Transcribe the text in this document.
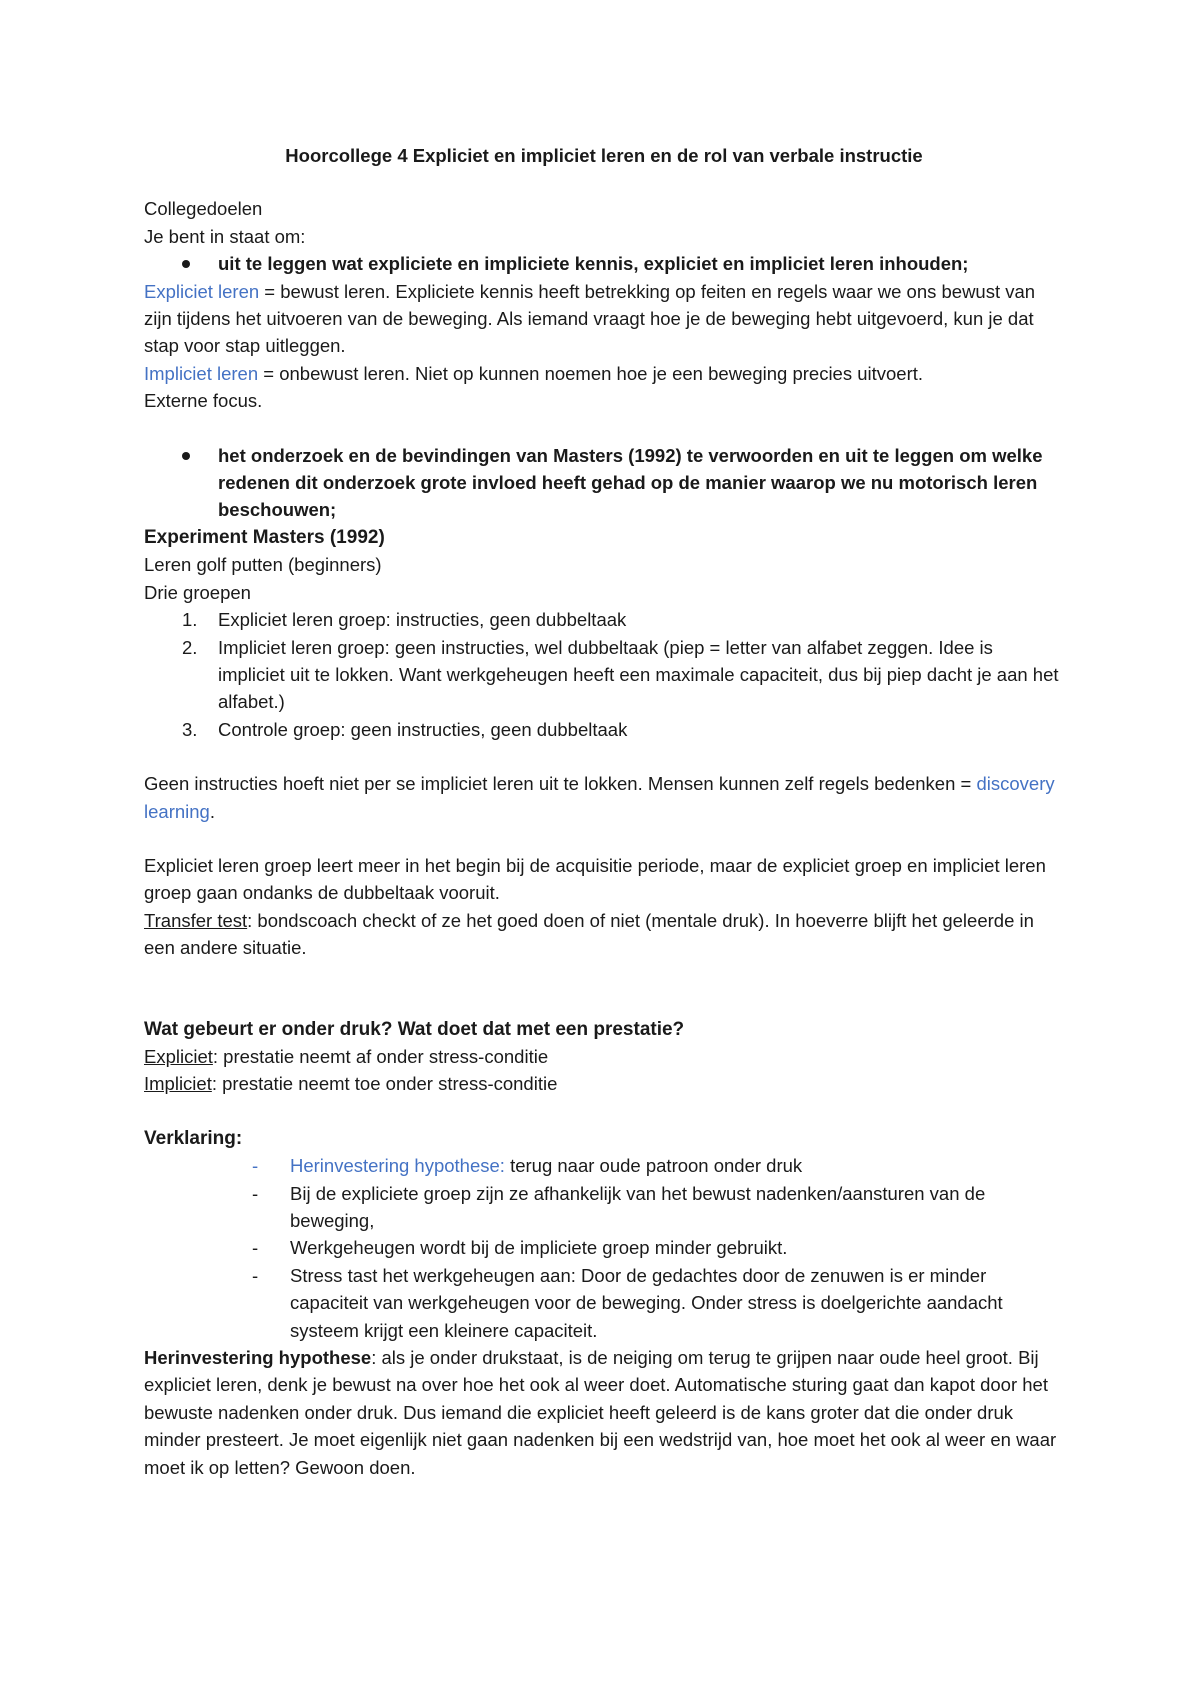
Hoorcollege 4 Expliciet en impliciet leren en de rol van verbale instructie

Collegedoelen

Je bent in staat om:

uit te leggen wat expliciete en impliciete kennis, expliciet en impliciet leren inhouden;

Expliciet leren = bewust leren. Expliciete kennis heeft betrekking op feiten en regels waar we ons bewust van zijn tijdens het uitvoeren van de beweging. Als iemand vraagt hoe je de beweging hebt uitgevoerd, kun je dat stap voor stap uitleggen.

Impliciet leren = onbewust leren. Niet op kunnen noemen hoe je een beweging precies uitvoert.

Externe focus.

het onderzoek en de bevindingen van Masters (1992) te verwoorden en uit te leggen om welke redenen dit onderzoek grote invloed heeft gehad op de manier waarop we nu motorisch leren beschouwen;

Experiment Masters (1992)

Leren golf putten (beginners)

Drie groepen

1. Expliciet leren groep: instructies, geen dubbeltaak
2. Impliciet leren groep: geen instructies, wel dubbeltaak (piep = letter van alfabet zeggen. Idee is impliciet uit te lokken. Want werkgeheugen heeft een maximale capaciteit, dus bij piep dacht je aan het alfabet.)
3. Controle groep: geen instructies, geen dubbeltaak

Geen instructies hoeft niet per se impliciet leren uit te lokken. Mensen kunnen zelf regels bedenken = discovery learning.

Expliciet leren groep leert meer in het begin bij de acquisitie periode, maar de expliciet groep en impliciet leren groep gaan ondanks de dubbeltaak vooruit.

Transfer test: bondscoach checkt of ze het goed doen of niet (mentale druk). In hoeverre blijft het geleerde in een andere situatie.

Wat gebeurt er onder druk? Wat doet dat met een prestatie?

Expliciet: prestatie neemt af onder stress-conditie

Impliciet: prestatie neemt toe onder stress-conditie

Verklaring:

- Herinvestering hypothese: terug naar oude patroon onder druk
- Bij de expliciete groep zijn ze afhankelijk van het bewust nadenken/aansturen van de beweging,
- Werkgeheugen wordt bij de impliciete groep minder gebruikt.
- Stress tast het werkgeheugen aan: Door de gedachtes door de zenuwen is er minder capaciteit van werkgeheugen voor de beweging. Onder stress is doelgerichte aandacht systeem krijgt een kleinere capaciteit.

Herinvestering hypothese: als je onder drukstaat, is de neiging om terug te grijpen naar oude heel groot. Bij expliciet leren, denk je bewust na over hoe het ook al weer doet. Automatische sturing gaat dan kapot door het bewuste nadenken onder druk. Dus iemand die expliciet heeft geleerd is de kans groter dat die onder druk minder presteert. Je moet eigenlijk niet gaan nadenken bij een wedstrijd van, hoe moet het ook al weer en waar moet ik op letten? Gewoon doen.
